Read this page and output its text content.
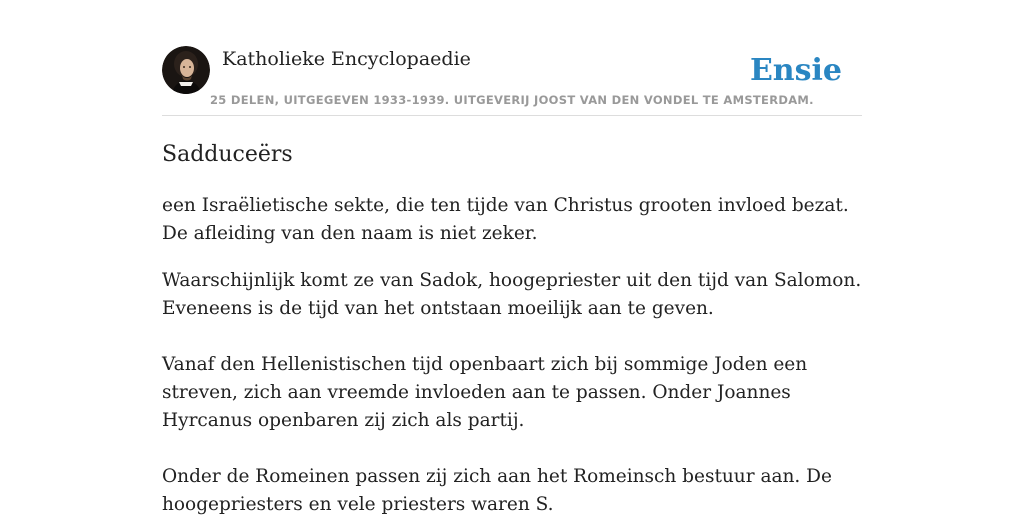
Katholieke Encyclopaedie	Ensie
25 DELEN, UITGEGEVEN 1933-1939. UITGEVERIJ JOOST VAN DEN VONDEL TE AMSTERDAM.
Sadduceërs

een Israëlietische sekte, die ten tijde van Christus grooten invloed bezat. De afleiding van den naam is niet zeker.

Waarschijnlijk komt ze van Sadok, hoogepriester uit den tijd van Salomon. Eveneens is de tijd van het ontstaan moeilijk aan te geven.

Vanaf den Hellenistischen tijd openbaart zich bij sommige Joden een streven, zich aan vreemde invloeden aan te passen. Onder Joannes Hyrcanus openbaren zij zich als partij.

Onder de Romeinen passen zij zich aan het Romeinsch bestuur aan. De hoogepriesters en vele priesters waren S.
